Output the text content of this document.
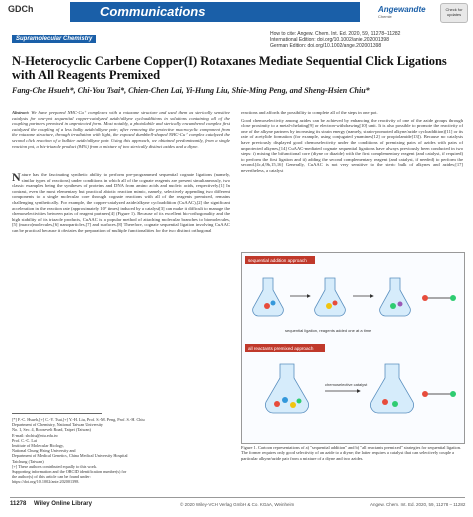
GDCh	Communications	Angewandte
Chemie
Check for updates
Supramolecular Chemistry
How to cite: Angew. Chem. Int. Ed. 2020, 59, 11278–11282
International Edition: doi.org/10.1002/anie.202001398
German Edition: doi.org/10.1002/ange.202001398
N-Heterocyclic Carbene Copper(I) Rotaxanes Mediate Sequential Click Ligations with All Reagents Premixed
Fang-Che Hsueh*, Chi-You Tsai*, Chien-Chen Lai, Yi-Hung Liu, Shie-Ming Peng, and Sheng-Hsien Chiu*
Abstract: We have prepared NHC-Cu⁺ complexes with a rotaxane structure and used them as sterically sensitive catalysts for one-pot sequential copper-catalyzed azide/alkyne cycloadditions in solutions containing all of the coupling partners premixed in unprotected form. Most notably, a photolabile and sterically encumbered complex first catalyzed the coupling of a less bulky azide/alkyne pair; after removing the protective macrocyclic component from the rotaxane structure, through irradiation with light, the exposed dumbbell-shaped NHC-Cu⁺ complex catalyzed the second click reaction of a bulkier azide/alkyne pair. Using this approach, we obtained predominantly, from a single reaction pot, a bis-triazole product (84%) from a mixture of two sterically distinct azides and a diyne.

Nature has the fascinating synthetic ability to perform pre-programmed sequential cognate ligations (namely, similar types of reactions) under conditions in which all of the cognate reagents are present simultaneously, two classic examples being the syntheses of proteins and DNA from amino acids and nucleic acids, respectively.[1] In contrast, even the most elementary but practical abiotic reaction mimic, namely, selectively appending two different components to a single molecular core through cognate reactions with all of the reagents premixed, remains challenging synthetically. For example, the copper-catalyzed azide/alkyne cycloaddition (CuAAC),[2] the significant acceleration in the reaction rate (approximately 10⁷ times) induced by a catalyst[3] can make it difficult to manage the chemoselectivities between pairs of reagent partners[4] (Figure 1). Because of its excellent bio-orthogonality and the high stability of its triazole products, CuAAC is a popular method of attaching molecular branches to biomolecules,[5] (macro)molecules,[6] nanoparticles,[7] and surfaces.[8] Therefore, cognate sequential ligation involving CuAAC can be practical because it obviates the preparation of multiple functionalities for the two distinct orthogonal

reactions and affords the possibility to complete all of the steps in one pot.

Good chemoselectivity among azides can be achieved by enhancing the reactivity of one of the azide groups through close proximity to a metal-chelating[9] or electron-withdrawing[10] unit. It is also possible to promote the reactivity of one of the alkyne partners by increasing its strain energy (namely, strain-promoted alkyne/azide cycloaddition)[11] or its rate of acetylide formation (for example, using conjugated ynamines[12] or propiolamide[13]). Because no catalysts have previously displayed good chemoselectivity under the conditions of premixing pairs of azides with pairs of unprotected alkynes,[14] CuAAC-mediated cognate sequential ligations have always previously been conducted in two steps: i) mixing the bifunctional core (diyne or diazide) with the first complementary reagent (and catalyst, if required) to perform the first ligation and ii) adding the second complementary reagent (and catalyst, if needed) to perform the second.[4c,d,9b,15,16] Generally, CuAAC is not very sensitive to the steric bulk of alkynes and azides;[17] nevertheless, a catalyst

[*] F.-C. Hsueh,[+] C.-Y. Tsai,[+] Y.-H. Liu, Prof. S.-M. Peng, Prof. S.-H. Chiu
Department of Chemistry, National Taiwan University
No. 1, Sec. 4, Roosevelt Road, Taipei (Taiwan)
E-mail: shchiu@ntu.edu.tw
Prof. C.-C. Lai
Institute of Molecular Biology,
National Chung Hsing University and
Department of Medical Genetics, China Medical University Hospital
Taichung (Taiwan)
[+] These authors contributed equally to this work.
Supporting information and the ORCID identification number(s) for
the author(s) of this article can be found under:
https://doi.org/10.1002/anie.202001398.
sequential addition approach
sequential ligation, reagents added one at a time
all reactants premixed approach
chemoselective catalyst
Figure 1. Cartoon representations of a) "sequential addition" and b) "all reactants premixed" strategies for sequential ligation. The former requires only good selectivity of an azide to a diyne; the latter requires a catalyst that can selectively couple a particular alkyne/azide pair from a mixture of a diyne and two azides.
11278 Wiley Online Library	© 2020 Wiley-VCH Verlag GmbH & Co. KGaA, Weinheim	Angew. Chem. Int. Ed. 2020, 59, 11278 – 11282
